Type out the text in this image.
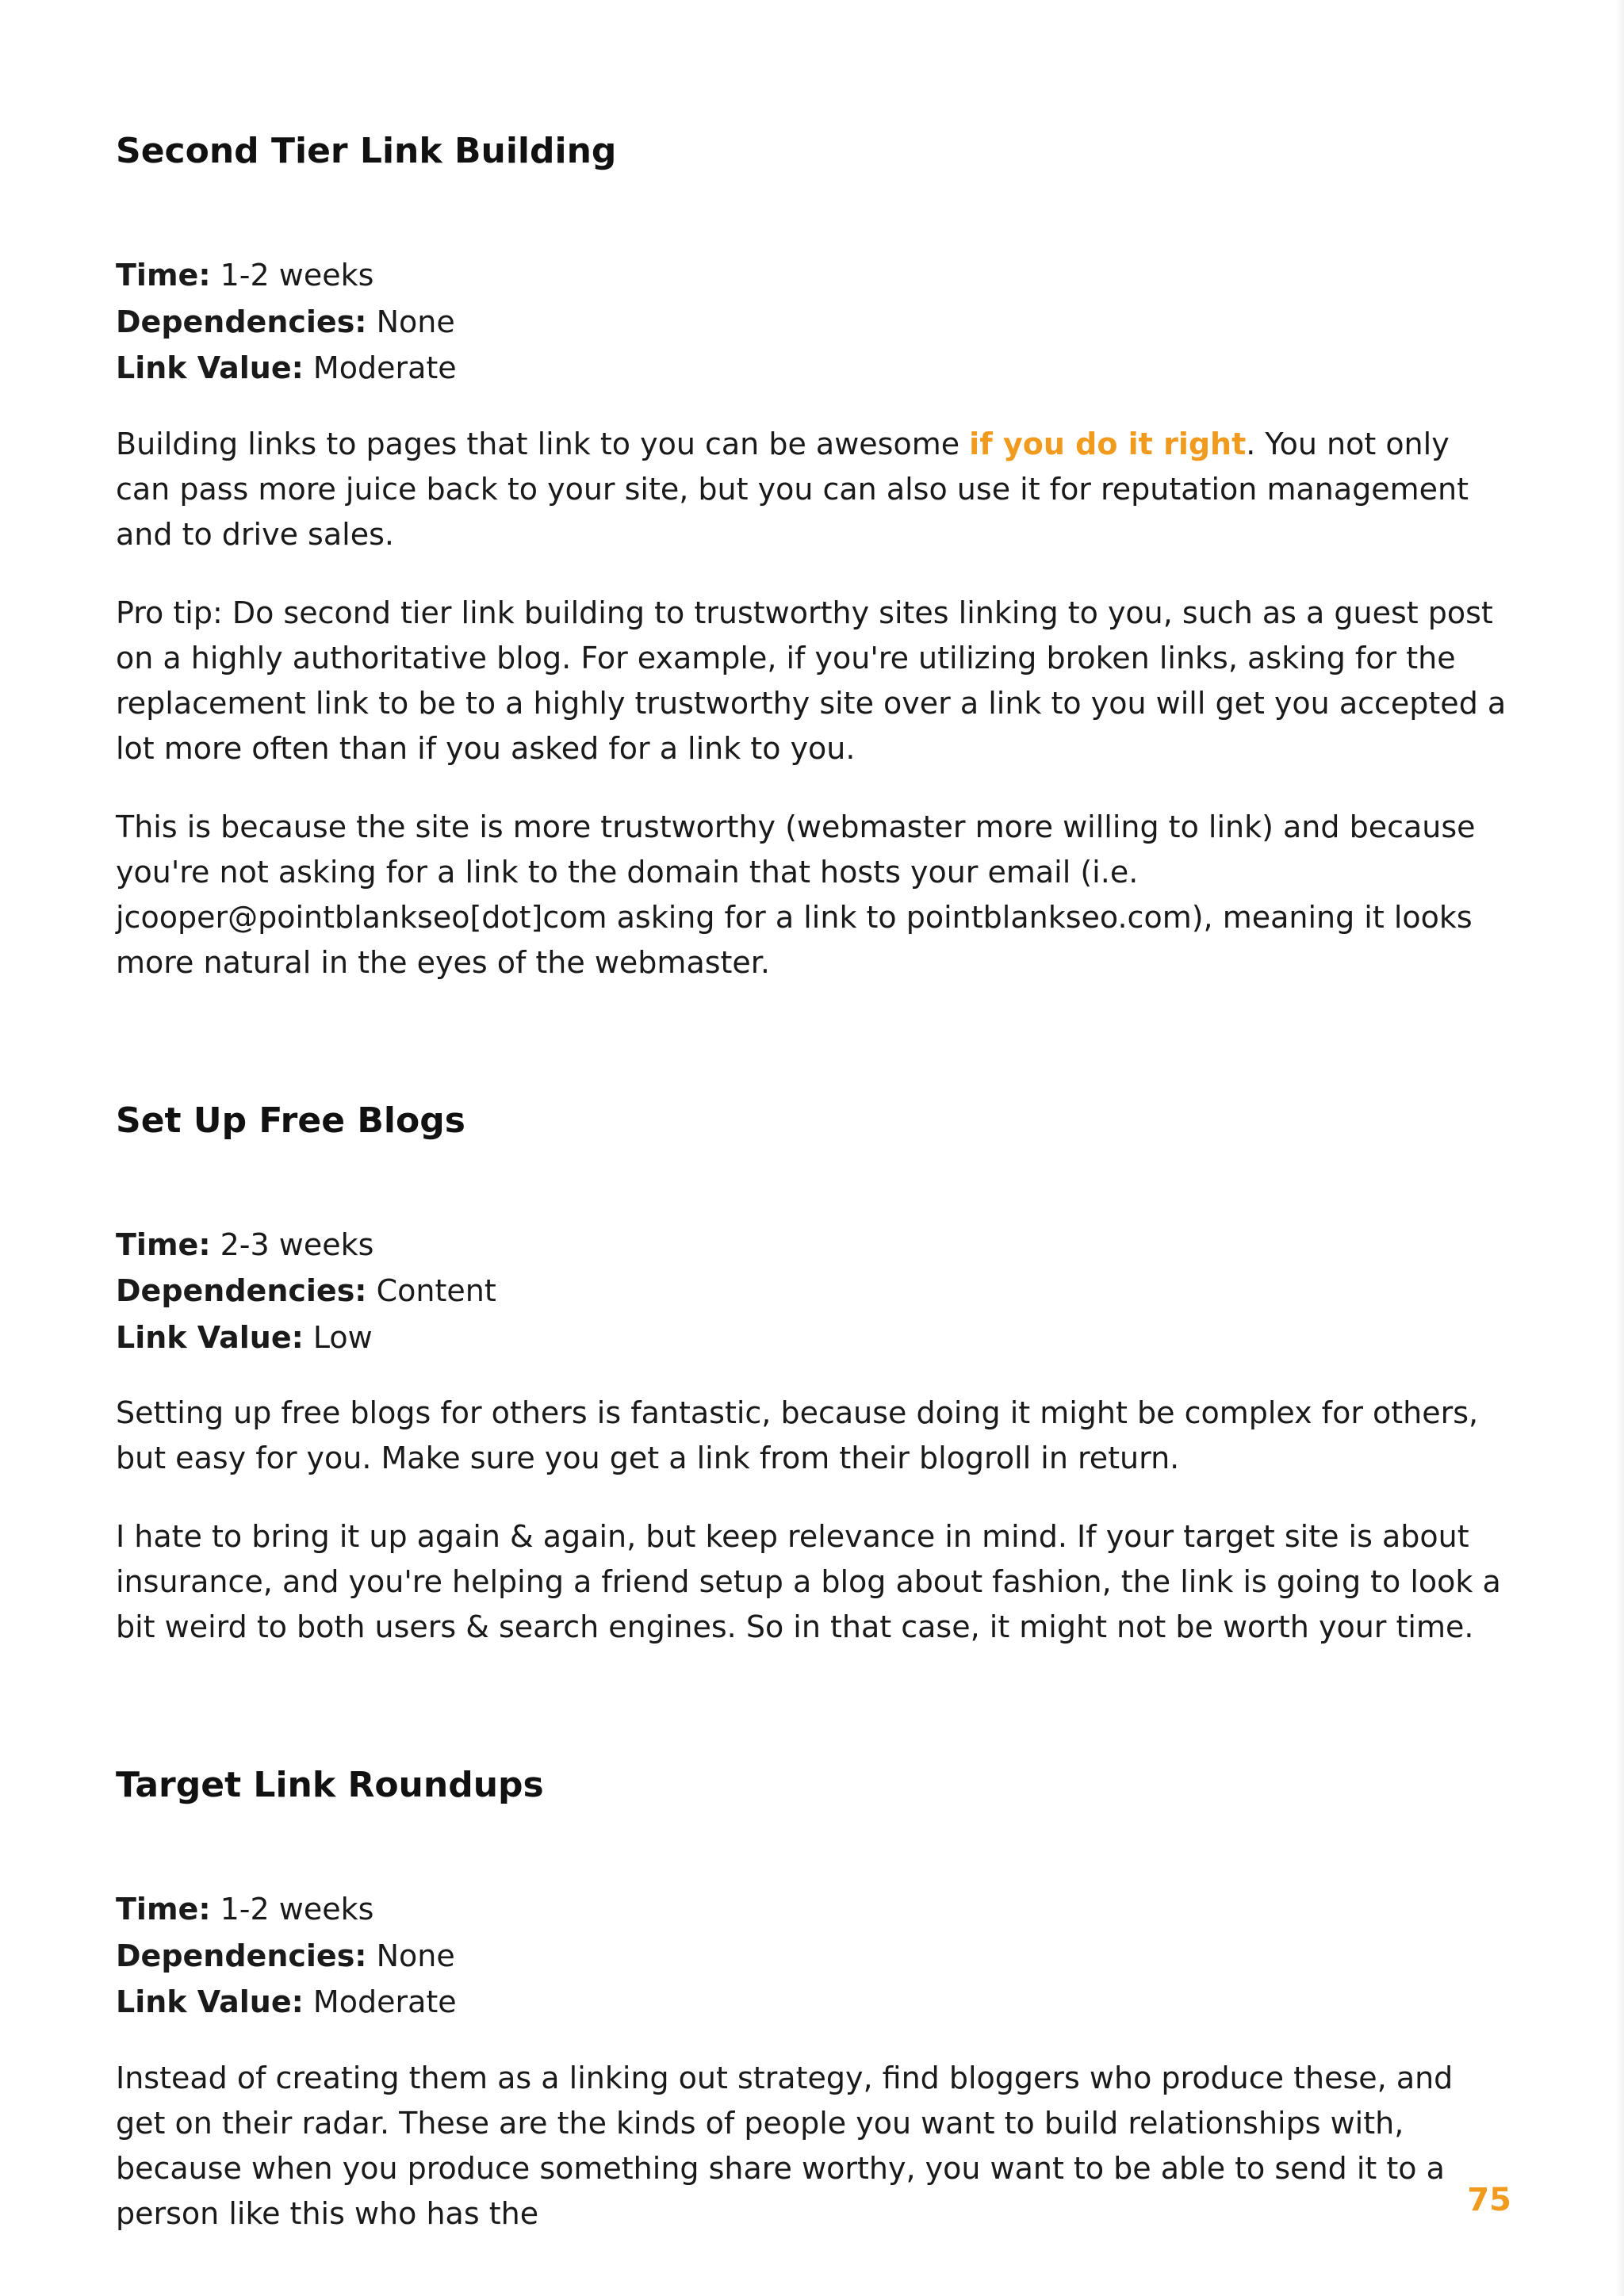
Second Tier Link Building
Time: 1-2 weeks
Dependencies: None
Link Value: Moderate

Building links to pages that link to you can be awesome if you do it right. You not only can pass more juice back to your site, but you can also use it for reputation management and to drive sales.

Pro tip: Do second tier link building to trustworthy sites linking to you, such as a guest post on a highly authoritative blog. For example, if you're utilizing broken links, asking for the replacement link to be to a highly trustworthy site over a link to you will get you accepted a lot more often than if you asked for a link to you.

This is because the site is more trustworthy (webmaster more willing to link) and because you're not asking for a link to the domain that hosts your email (i.e. jcooper@pointblankseo[dot]com asking for a link to pointblankseo.com), meaning it looks more natural in the eyes of the webmaster.

Set Up Free Blogs
Time: 2-3 weeks
Dependencies: Content
Link Value: Low

Setting up free blogs for others is fantastic, because doing it might be complex for others, but easy for you. Make sure you get a link from their blogroll in return.

I hate to bring it up again & again, but keep relevance in mind. If your target site is about insurance, and you're helping a friend setup a blog about fashion, the link is going to look a bit weird to both users & search engines. So in that case, it might not be worth your time.

Target Link Roundups
Time: 1-2 weeks
Dependencies: None
Link Value: Moderate

Instead of creating them as a linking out strategy, find bloggers who produce these, and get on their radar. These are the kinds of people you want to build relationships with, because when you produce something share worthy, you want to be able to send it to a person like this who has the	75
